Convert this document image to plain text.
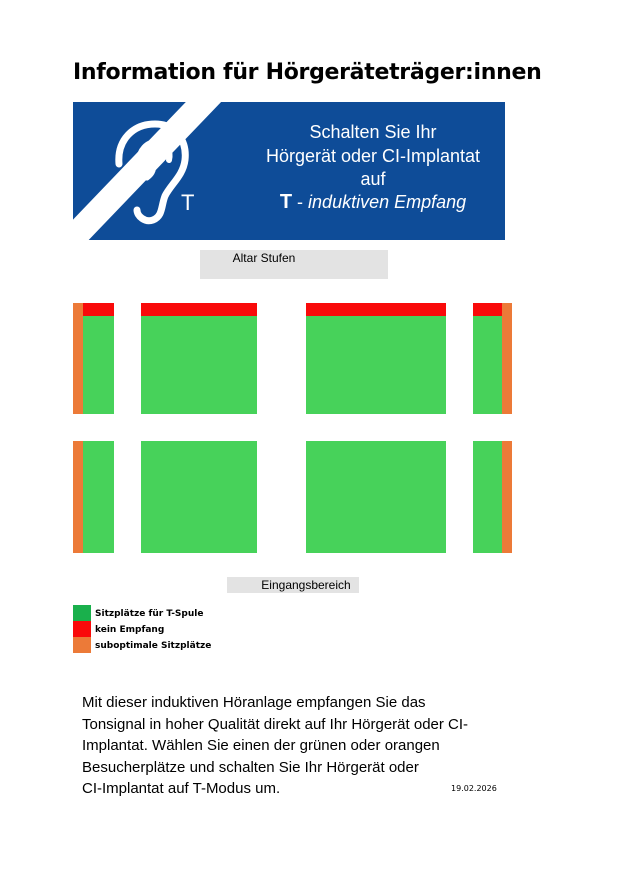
Information für Hörgeräteträger:innen
T
Schalten Sie Ihr
Hörgerät oder CI-Implantat
auf
T - induktiven Empfang
Altar Stufen
Eingangsbereich
Sitzplätze für T-Spule
kein Empfang
suboptimale Sitzplätze
Mit dieser induktiven Höranlage empfangen Sie das
Tonsignal in hoher Qualität direkt auf Ihr Hörgerät oder CI-
Implantat. Wählen Sie einen der grünen oder orangen
Besucherplätze und schalten Sie Ihr Hörgerät oder
CI-Implantat auf T-Modus um.	19.02.2026
